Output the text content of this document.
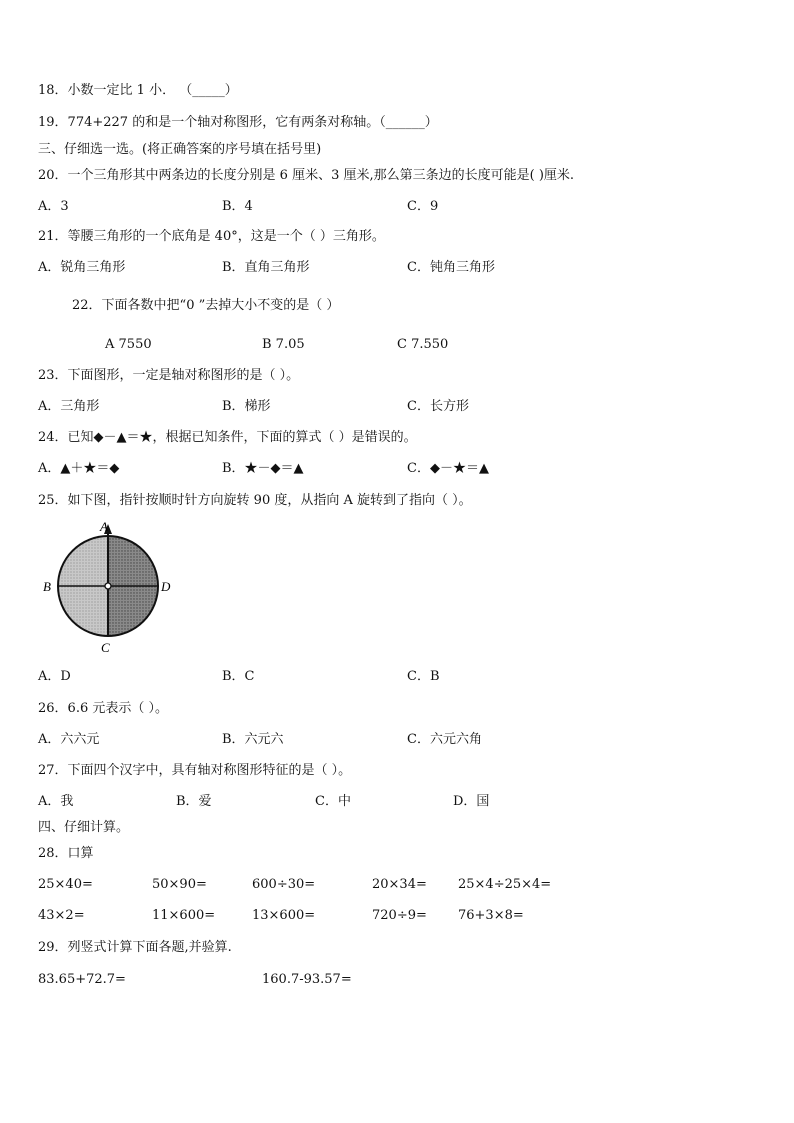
18．小数一定比 1 小． （_____）
19．774+227 的和是一个轴对称图形，它有两条对称轴。（______）
三、仔细选一选。(将正确答案的序号填在括号里)
20．一个三角形其中两条边的长度分别是 6 厘米、3 厘米,那么第三条边的长度可能是( )厘米.
A．3	B．4	C．9
21．等腰三角形的一个底角是 40°，这是一个（ ）三角形。
A．锐角三角形	B．直角三角形	C．钝角三角形
22．下面各数中把“0 ”去掉大小不变的是（ ）
A 7550	B 7.05	C 7.550
23．下面图形，一定是轴对称图形的是（ ）。
A．三角形	B．梯形	C．长方形
24．已知◆－▲＝★，根据已知条件，下面的算式（ ）是错误的。
A．▲＋★＝◆	B．★－◆＝▲	C．◆－★＝▲
25．如下图，指针按顺时针方向旋转 90 度，从指向 A 旋转到了指向（ ）。
A
B	D
C
A．D	B．C	C．B
26．6.6 元表示（ ）。
A．六六元	B．六元六	C．六元六角
27．下面四个汉字中，具有轴对称图形特征的是（ ）。
A．我	B．爱	C．中	D．国
四、仔细计算。
28．口算
25×40=	50×90=	600÷30=	20×34= 25×4÷25×4=
43×2=	11×600=	13×600=	720÷9= 76+3×8=
29．列竖式计算下面各题,并验算.
83.65+72.7=	160.7-93.57=
